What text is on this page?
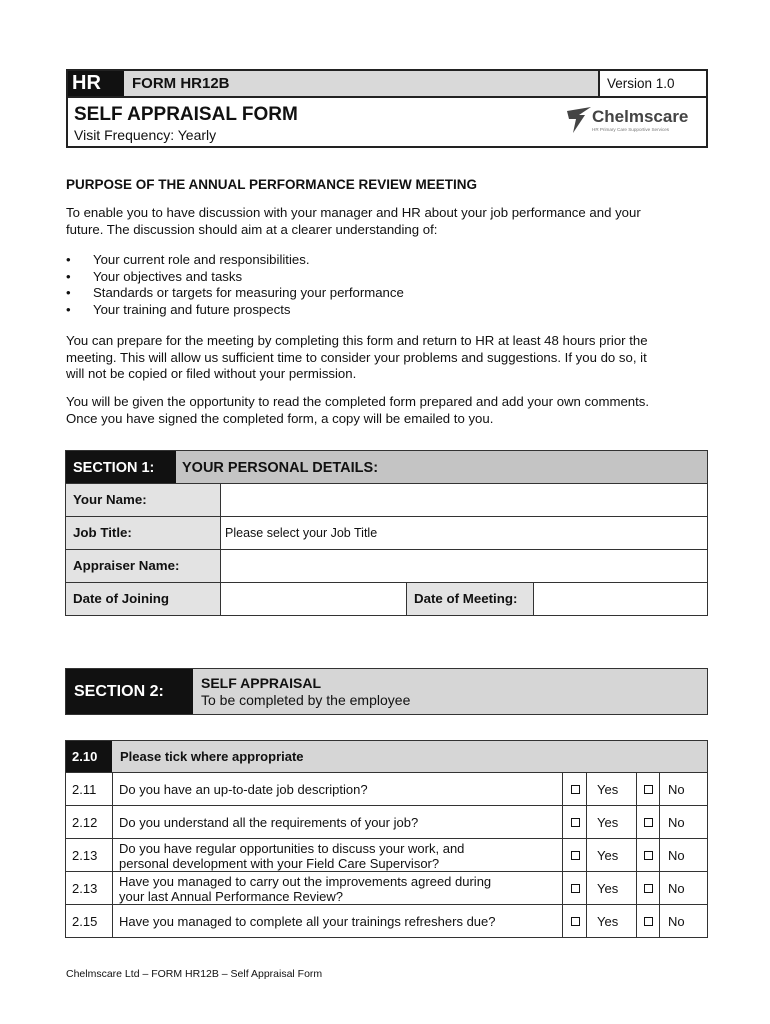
HR	FORM HR12B	Version 1.0
SELF APPRAISAL FORM
Visit Frequency: Yearly
Chelmscare
HR Primary Care Supportive Services
PURPOSE OF THE ANNUAL PERFORMANCE REVIEW MEETING
To enable you to have discussion with your manager and HR about your job performance and your
future. The discussion should aim at a clearer understanding of:
• Your current role and responsibilities.
• Your objectives and tasks
• Standards or targets for measuring your performance
• Your training and future prospects
You can prepare for the meeting by completing this form and return to HR at least 48 hours prior the
meeting. This will allow us sufficient time to consider your problems and suggestions. If you do so, it
will not be copied or filed without your permission.
You will be given the opportunity to read the completed form prepared and add your own comments.
Once you have signed the completed form, a copy will be emailed to you.
SECTION 1:	YOUR PERSONAL DETAILS:
Your Name:
Job Title:	Please select your Job Title
Appraiser Name:
Date of Joining	Date of Meeting:
SECTION 2:	SELF APPRAISAL
To be completed by the employee
2.10	Please tick where appropriate
2.11 Do you have an up-to-date job description?	Yes	No
2.12 Do you understand all the requirements of your job?	Yes	No
2.13 Do you have regular opportunities to discuss your work, and
personal development with your Field Care Supervisor?
Yes	No
2.13 Have you managed to carry out the improvements agreed during
your last Annual Performance Review?
Yes	No
2.15 Have you managed to complete all your trainings refreshers due?	Yes	No
Chelmscare Ltd – FORM HR12B – Self Appraisal Form
